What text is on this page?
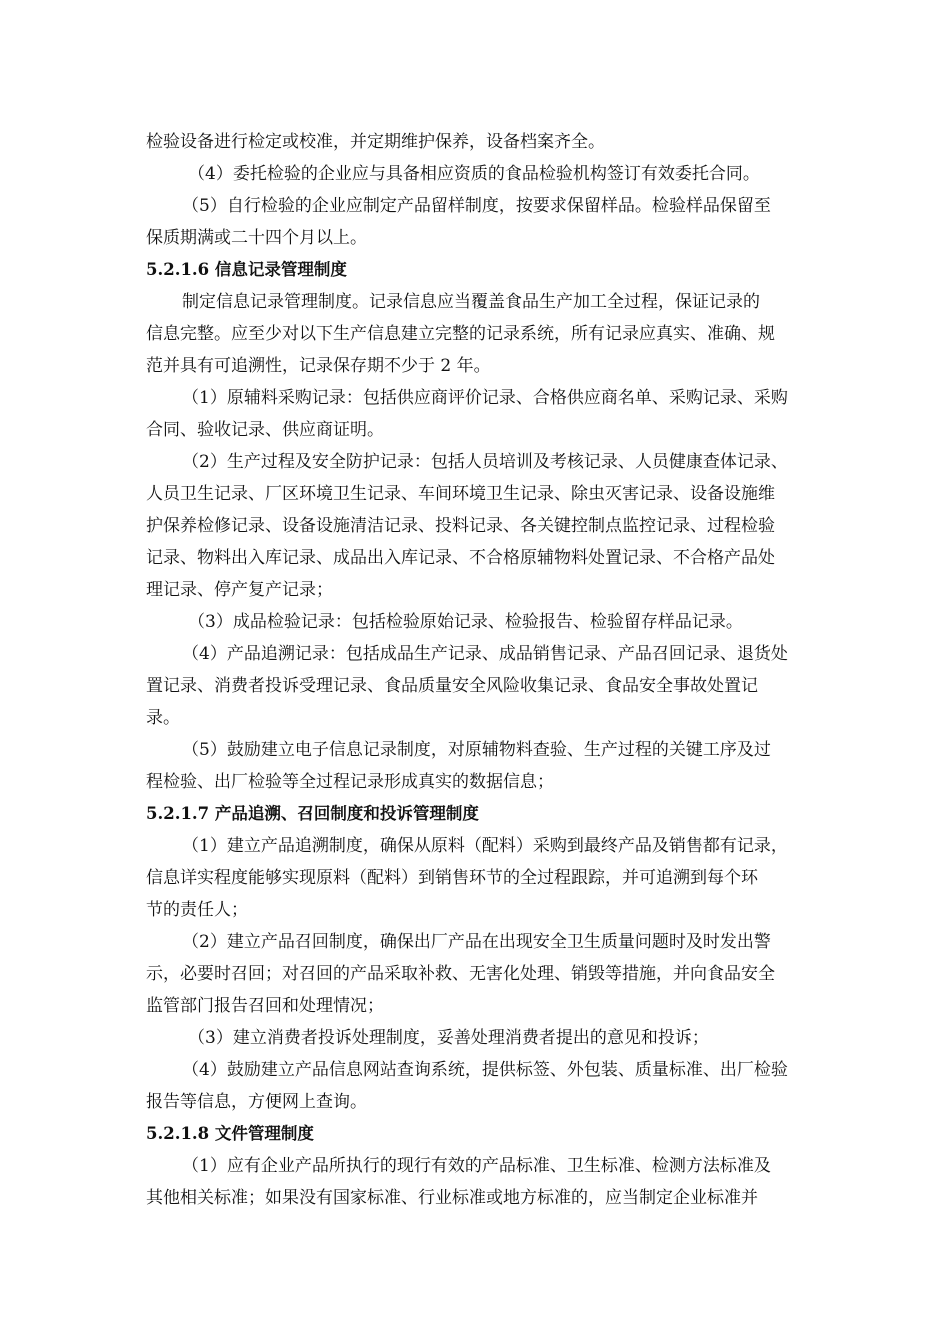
检验设备进行检定或校准，并定期维护保养，设备档案齐全。
（4）委托检验的企业应与具备相应资质的食品检验机构签订有效委托合同。
（5）自行检验的企业应制定产品留样制度，按要求保留样品。检验样品保留至
保质期满或二十四个月以上。
5.2.1.6 信息记录管理制度
制定信息记录管理制度。记录信息应当覆盖食品生产加工全过程，保证记录的
信息完整。应至少对以下生产信息建立完整的记录系统，所有记录应真实、准确、规
范并具有可追溯性，记录保存期不少于 2 年。
（1）原辅料采购记录：包括供应商评价记录、合格供应商名单、采购记录、采购
合同、验收记录、供应商证明。
（2）生产过程及安全防护记录：包括人员培训及考核记录、人员健康查体记录、
人员卫生记录、厂区环境卫生记录、车间环境卫生记录、除虫灭害记录、设备设施维
护保养检修记录、设备设施清洁记录、投料记录、各关键控制点监控记录、过程检验
记录、物料出入库记录、成品出入库记录、不合格原辅物料处置记录、不合格产品处
理记录、停产复产记录；
（3）成品检验记录：包括检验原始记录、检验报告、检验留存样品记录。
（4）产品追溯记录：包括成品生产记录、成品销售记录、产品召回记录、退货处
置记录、消费者投诉受理记录、食品质量安全风险收集记录、食品安全事故处置记
录。
（5）鼓励建立电子信息记录制度，对原辅物料查验、生产过程的关键工序及过
程检验、出厂检验等全过程记录形成真实的数据信息；
5.2.1.7 产品追溯、召回制度和投诉管理制度
（1）建立产品追溯制度，确保从原料（配料）采购到最终产品及销售都有记录，
信息详实程度能够实现原料（配料）到销售环节的全过程跟踪，并可追溯到每个环
节的责任人；
（2）建立产品召回制度，确保出厂产品在出现安全卫生质量问题时及时发出警
示，必要时召回；对召回的产品采取补救、无害化处理、销毁等措施，并向食品安全
监管部门报告召回和处理情况；
（3）建立消费者投诉处理制度，妥善处理消费者提出的意见和投诉；
（4）鼓励建立产品信息网站查询系统，提供标签、外包装、质量标准、出厂检验
报告等信息，方便网上查询。
5.2.1.8 文件管理制度
（1）应有企业产品所执行的现行有效的产品标准、卫生标准、检测方法标准及
其他相关标准；如果没有国家标准、行业标准或地方标准的，应当制定企业标准并
